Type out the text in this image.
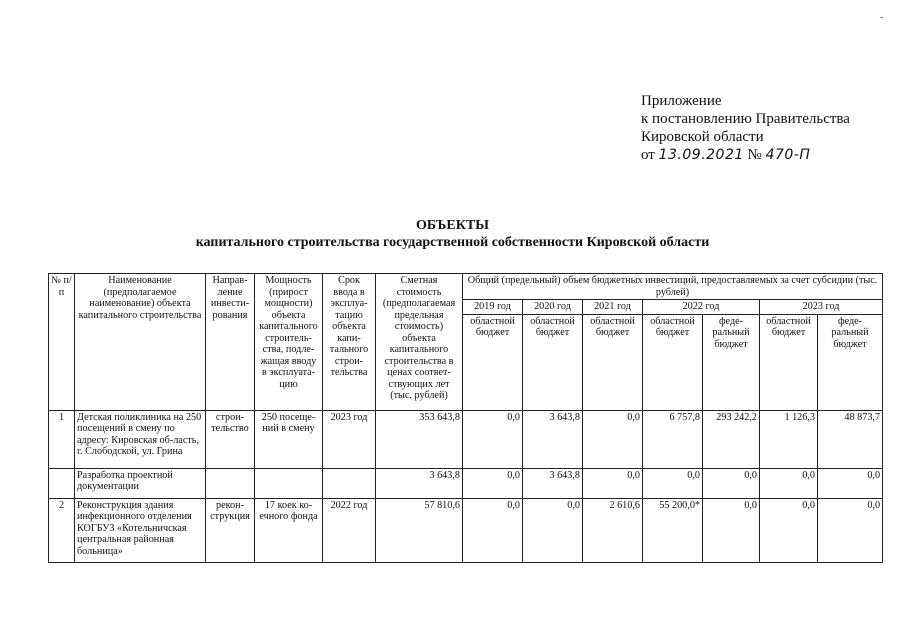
-
Приложение
к постановлению Правительства
Кировской области
от 13.09.2021 № 470-П
ОБЪЕКТЫ
капитального строительства государственной собственности Кировской области
№ п/п	Наименование (предполагаемое наименование) объекта капитального строительства	Направ-ление инвести-рования	Мощность (прирост мощности) объекта капитального строитель-ства, подле-жащая вводу в эксплуата-цию	Срок ввода в эксплуа-тацию объекта капи-тального строи-тельства	Сметная стоимость (предполагаемая предельная стоимость) объекта капитального строительства в ценах соответ-ствующих лет (тыс. рублей)	Общий (предельный) объем бюджетных инвестиций, предоставляемых за счет субсидии (тыс. рублей)						
						2019 год	2020 год	2021 год	2022 год		2023 год	
						областной бюджет	областной бюджет	областной бюджет	областной бюджет	феде-ральный бюджет	областной бюджет	феде-ральный бюджет
1	Детская поликлиника на 250 посещений в смену по адресу: Кировская об-ласть, г. Слободской, ул. Грина	строи-тельство	250 посеще-ний в смену	2023 год	353 643,8	0,0	3 643,8	0,0	6 757,8	293 242,2	1 126,3	48 873,7
	Разработка проектной документации				3 643,8	0,0	3 643,8	0,0	0,0	0,0	0,0	0,0
2	Реконструкция здания инфекционного отделения КОГБУЗ «Котельничская центральная районная больница»	рекон-струкция	17 коек ко-ечного фонда	2022 год	57 810,6	0,0	0,0	2 610,6	55 200,0*	0,0	0,0	0,0
